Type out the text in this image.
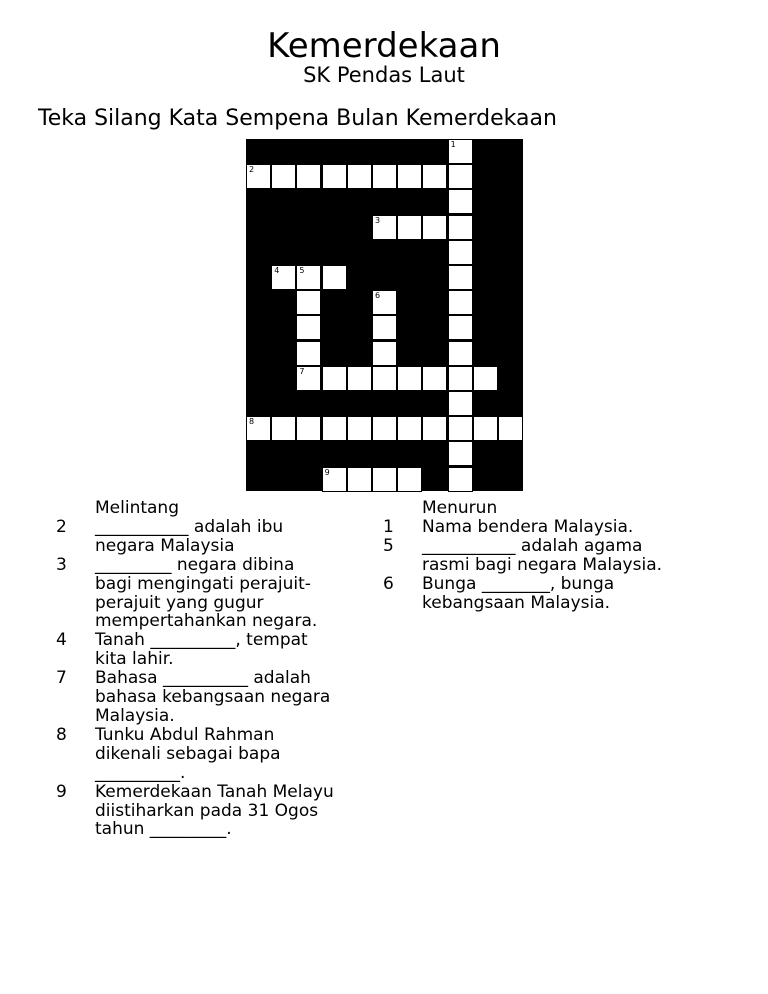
Kemerdekaan
SK Pendas Laut
Teka Silang Kata Sempena Bulan Kemerdekaan
1
2
3
4	5
7
6
8
9
Melintang
2	___________ adalah ibu negara Malaysia
3	_________ negara dibina bagi mengingati perajuit-perajuit yang gugur mempertahankan negara.
4	Tanah __________, tempat kita lahir.
7	Bahasa __________ adalah bahasa kebangsaan negara Malaysia.
8	Tunku Abdul Rahman dikenali sebagai bapa __________.
9	Kemerdekaan Tanah Melayu diistiharkan pada 31 Ogos tahun _________.
Menurun
1	Nama bendera Malaysia.
5	___________ adalah agama rasmi bagi negara Malaysia.
6	Bunga ________, bunga kebangsaan Malaysia.
